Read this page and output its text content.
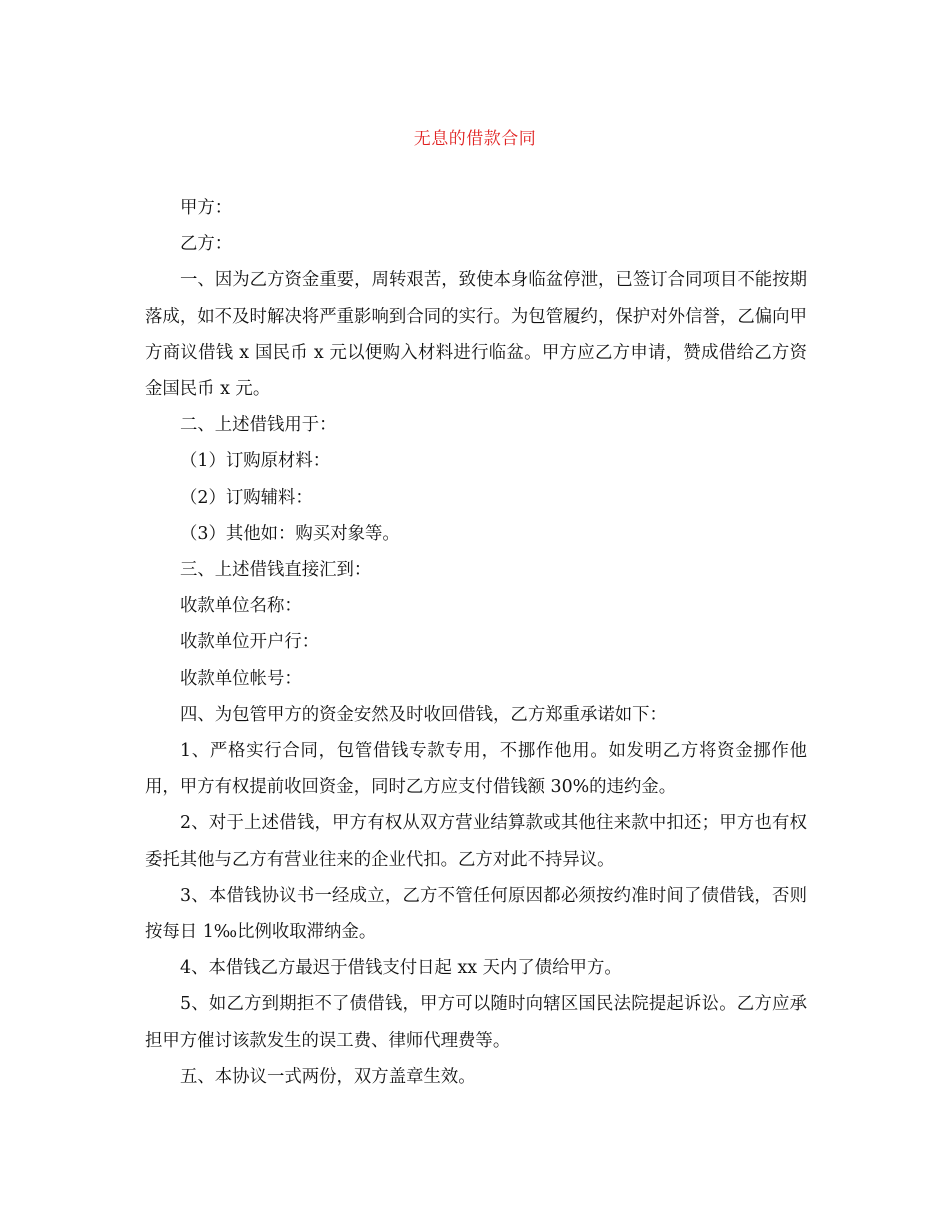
无息的借款合同

甲方：

乙方：

一、因为乙方资金重要，周转艰苦，致使本身临盆停泄，已签订合同项目不能按期落成，如不及时解决将严重影响到合同的实行。为包管履约，保护对外信誉，乙偏向甲方商议借钱 x 国民币 x 元以便购入材料进行临盆。甲方应乙方申请，赞成借给乙方资金国民币 x 元。

二、上述借钱用于：

（1）订购原材料：

（2）订购辅料：

（3）其他如：购买对象等。

三、上述借钱直接汇到：

收款单位名称：

收款单位开户行：

收款单位帐号：

四、为包管甲方的资金安然及时收回借钱，乙方郑重承诺如下：

1、严格实行合同，包管借钱专款专用，不挪作他用。如发明乙方将资金挪作他用，甲方有权提前收回资金，同时乙方应支付借钱额 30%的违约金。

2、对于上述借钱，甲方有权从双方营业结算款或其他往来款中扣还；甲方也有权委托其他与乙方有营业往来的企业代扣。乙方对此不持异议。

3、本借钱协议书一经成立，乙方不管任何原因都必须按约准时间了债借钱，否则按每日 1‰比例收取滞纳金。

4、本借钱乙方最迟于借钱支付日起 xx 天内了债给甲方。

5、如乙方到期拒不了债借钱，甲方可以随时向辖区国民法院提起诉讼。乙方应承担甲方催讨该款发生的误工费、律师代理费等。

五、本协议一式两份，双方盖章生效。
